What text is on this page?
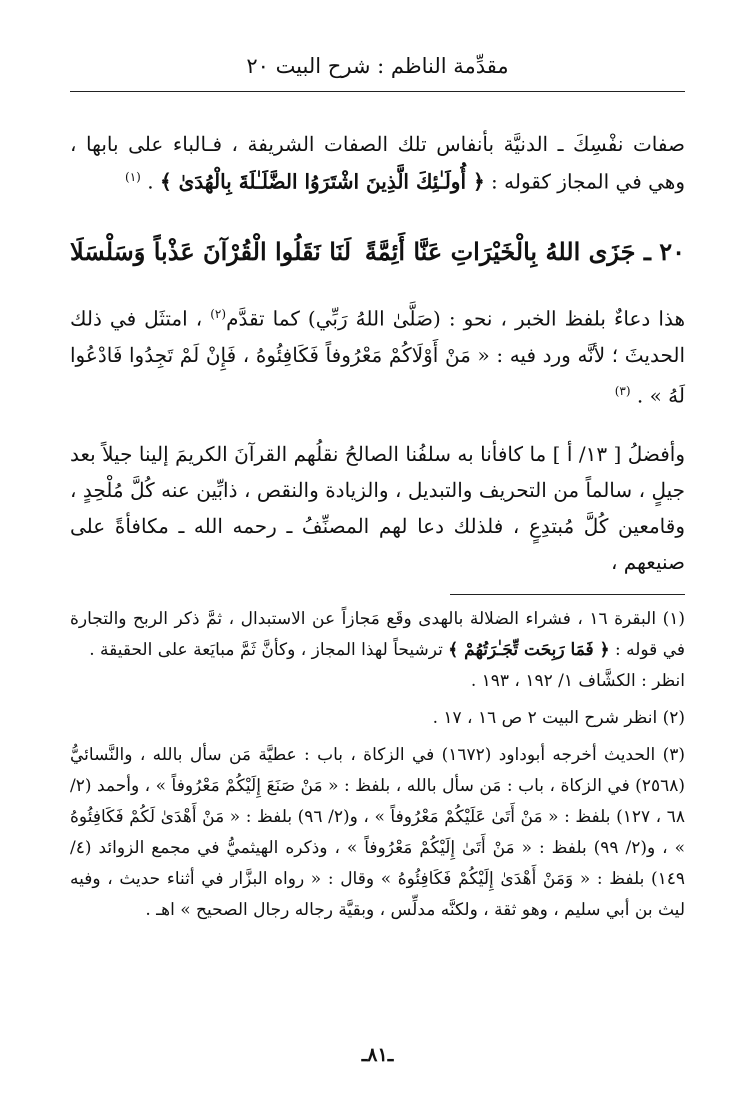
مقدِّمة الناظم : شرح البيت ٢٠
صفات نفْسِكَ ـ الدنيَّة بأنفاس تلك الصفات الشريفة ، فـالباء على بابها ، وهي في المجاز كقوله : ﴿ أُولَـٰئِكَ الَّذِينَ اشْتَرَوُا الضَّلَـٰلَةَ بِالْهُدَىٰ ﴾ . $^{(١)}$
٢٠ ـ جَزَى اللهُ بِالْخَيْرَاتِ عَنَّا أَئِمَّةً
لَنَا نَقَلُوا الْقُرْآنَ عَذْباً وَسَلْسَلَا
هذا دعاءٌ بلفظ الخبر ، نحو : (صَلَّىٰ اللهُ رَبِّي) كما تقدَّم$^{(٢)}$ ، امتثَل في ذلك الحديثَ ؛ لأنَّه ورد فيه : « مَنْ أَوْلَاكُمْ مَعْرُوفاً فَكَافِئُوهُ ، فَإِنْ لَمْ تَجِدُوا فَادْعُوا لَهُ » . $^{(٣)}$
وأفضلُ [ ١٣/ أ ] ما كافأنا به سلفُنا الصالحُ نقلُهم القرآنَ الكريمَ إلينا جيلاً بعد جيلٍ ، سالماً من التحريف والتبديل ، والزيادة والنقص ، ذابِّين عنه كُلَّ مُلْحِدٍ ، وقامعين كُلَّ مُبتدِعٍ ، فلذلك دعا لهم المصنِّفُ ـ رحمه الله ـ مكافأةً على صنيعهم ،

(١) البقرة ١٦ ، فشراء الضلالة بالهدى وقَع مَجازاً عن الاستبدال ، ثمَّ ذكر الربح والتجارة في قوله : ﴿ فَمَا رَبِحَت تِّجَـٰرَتُهُمْ ﴾ ترشيحاً لهذا المجاز ، وكأنَّ ثَمَّ مبايَعة على الحقيقة .
انظر : الكشَّاف ١/ ١٩٢ ، ١٩٣ .

(٢) انظر شرح البيت ٢ ص ١٦ ، ١٧ .

(٣) الحديث أخرجه أبوداود (١٦٧٢) في الزكاة ، باب : عطيَّة مَن سأل بالله ، والنَّسائيُّ (٢٥٦٨) في الزكاة ، باب : مَن سأل بالله ، بلفظ : « مَنْ صَنَعَ إِلَيْكُمْ مَعْرُوفاً » ، وأحمد (٢/ ٦٨ ، ١٢٧) بلفظ : « مَنْ أَتَىٰ عَلَيْكُمْ مَعْرُوفاً » ، و(٢/ ٩٦) بلفظ : « مَنْ أَهْدَىٰ لَكُمْ فَكَافِئُوهُ » ، و(٢/ ٩٩) بلفظ : « مَنْ أَتَىٰ إِلَيْكُمْ مَعْرُوفاً » ، وذكره الهيثميُّ في مجمع الزوائد (٤/ ١٤٩) بلفظ : « وَمَنْ أَهْدَىٰ إِلَيْكُمْ فَكَافِئُوهُ » وقال : « رواه البزَّار في أثناء حديث ، وفيه ليث بن أبي سليم ، وهو ثقة ، ولكنَّه مدلِّس ، وبقيَّة رجاله رجال الصحيح » اهـ .

ـ٨١ـ
